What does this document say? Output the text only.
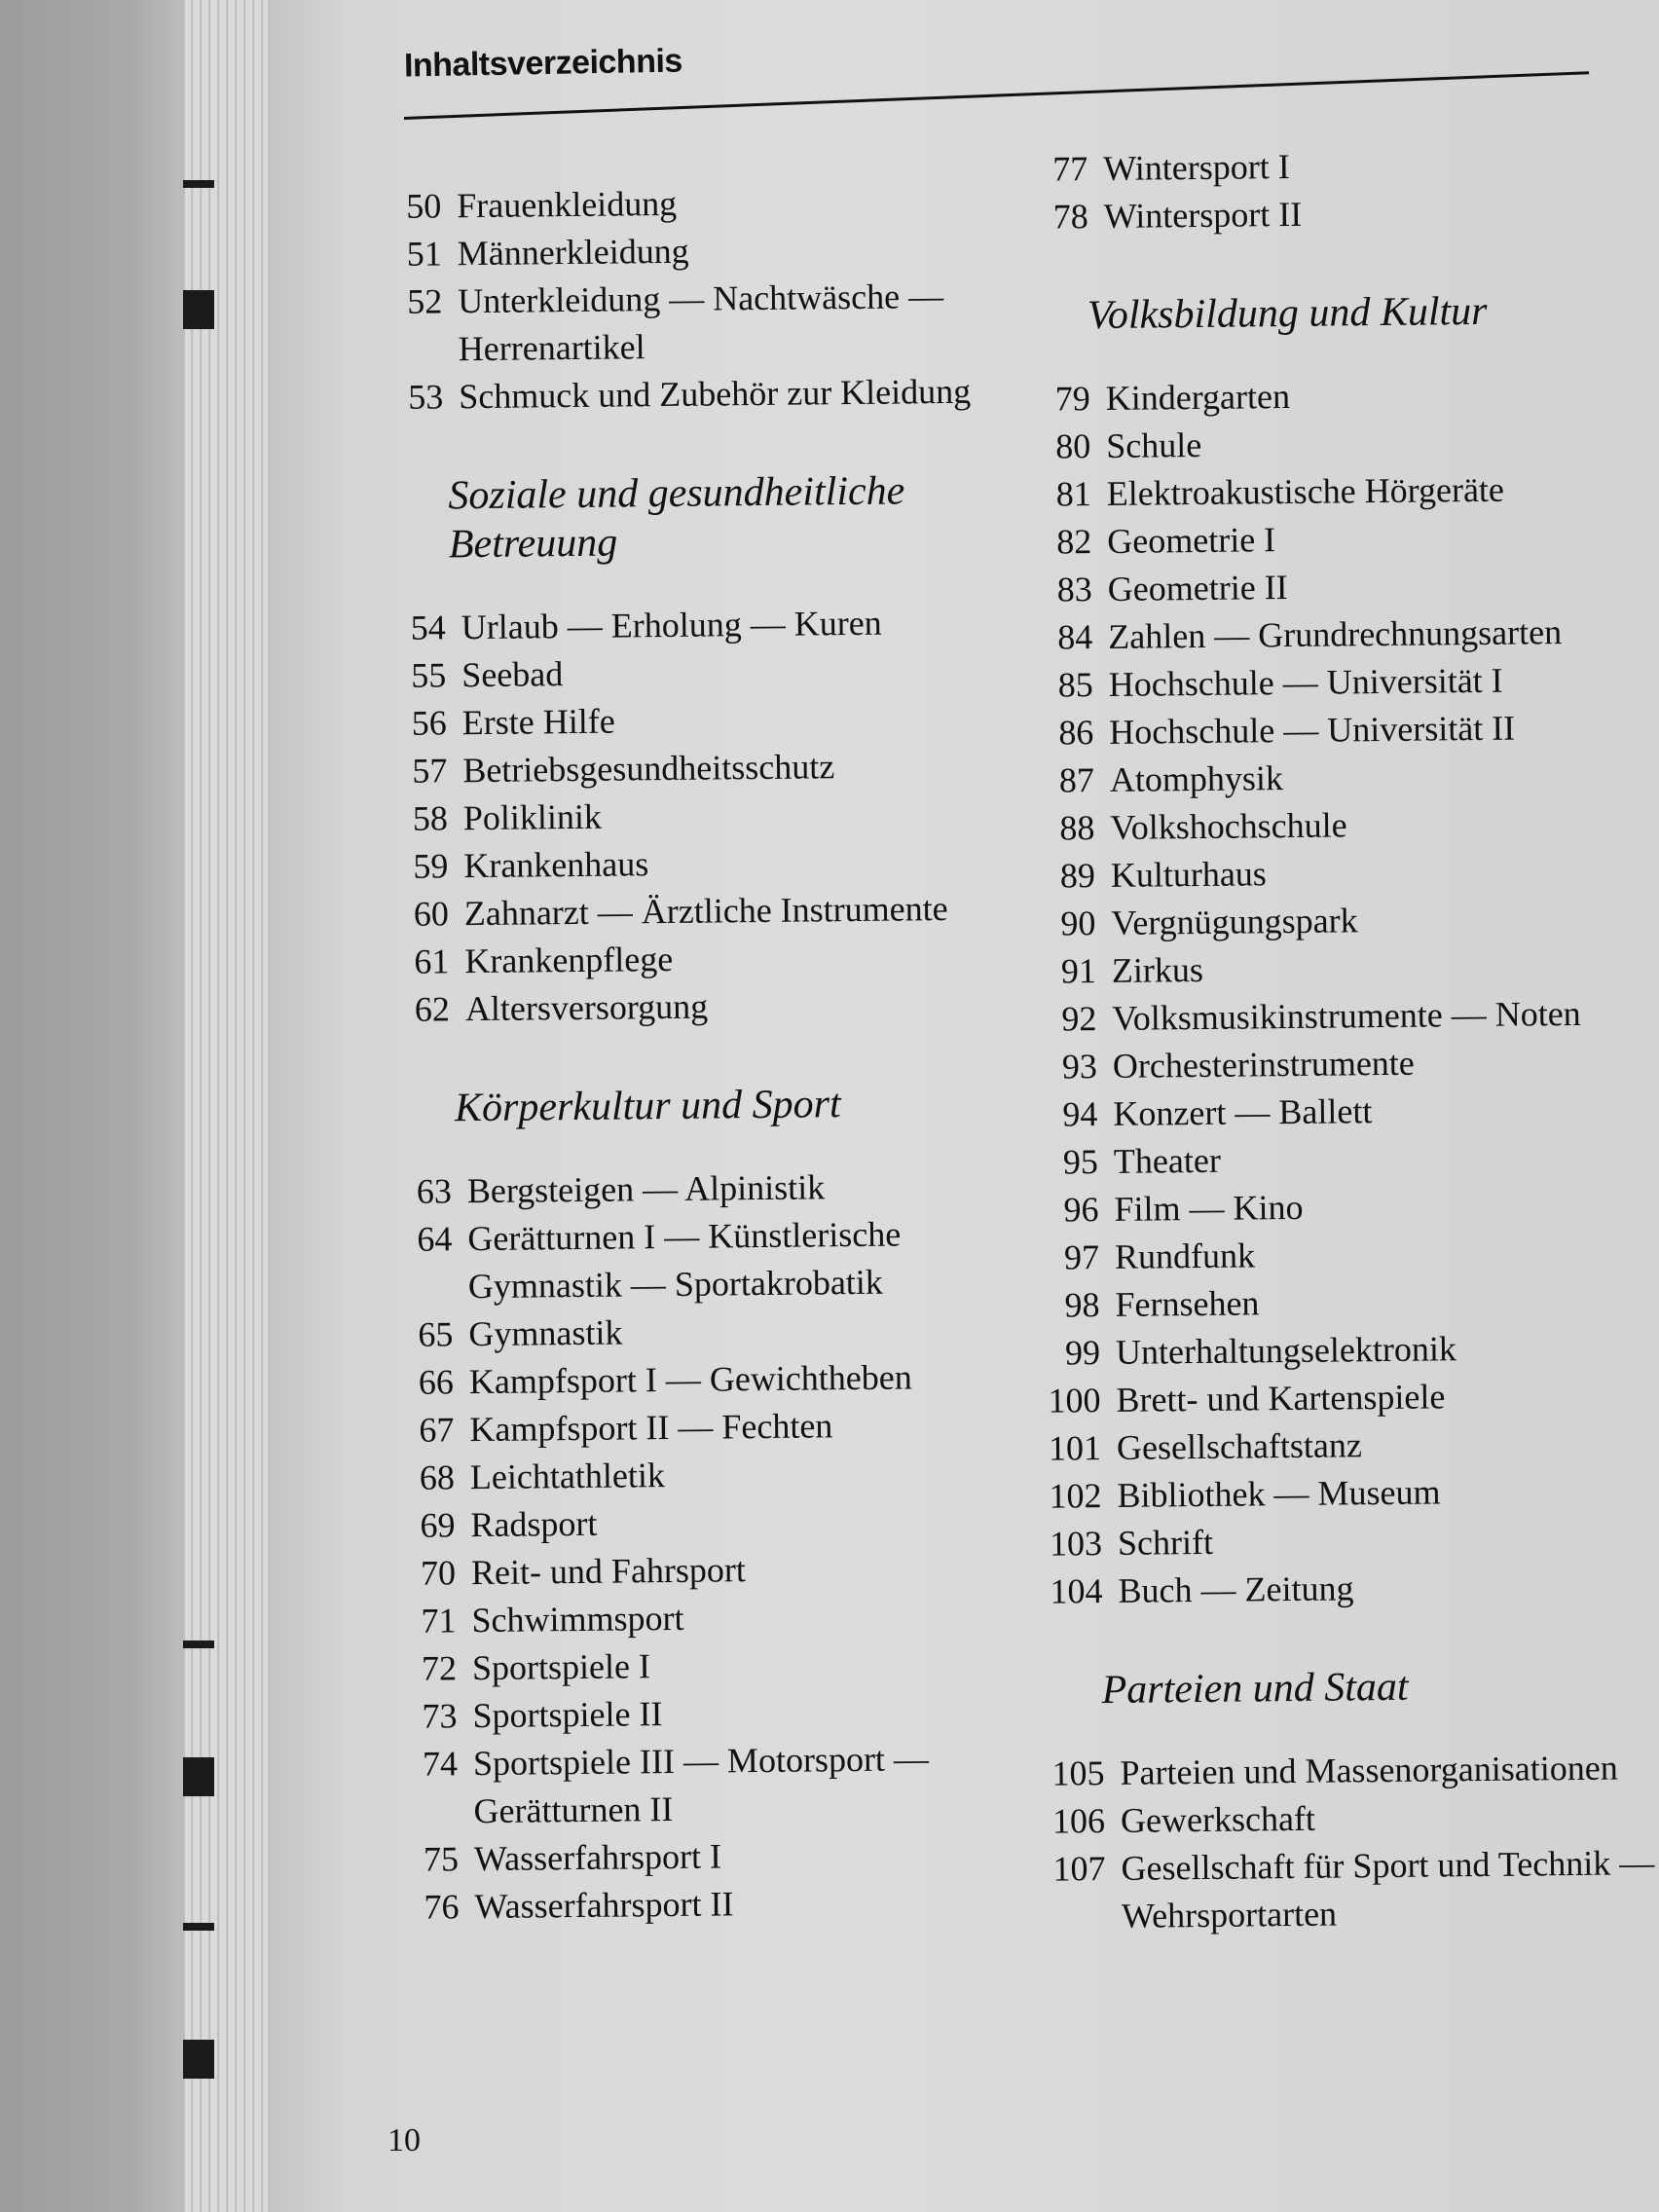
Inhaltsverzeichnis
50 Frauenkleidung
51 Männerkleidung
52 Unterkleidung — Nachtwäsche — Herrenartikel
53 Schmuck und Zubehör zur Kleidung
Soziale und gesundheitliche Betreuung
54 Urlaub — Erholung — Kuren
55 Seebad
56 Erste Hilfe
57 Betriebsgesundheitsschutz
58 Poliklinik
59 Krankenhaus
60 Zahnarzt — Ärztliche Instrumente
61 Krankenpflege
62 Altersversorgung
Körperkultur und Sport
63 Bergsteigen — Alpinistik
64 Gerätturnen I — Künstlerische Gymnastik — Sportakrobatik
65 Gymnastik
66 Kampfsport I — Gewichtheben
67 Kampfsport II — Fechten
68 Leichtathletik
69 Radsport
70 Reit- und Fahrsport
71 Schwimmsport
72 Sportspiele I
73 Sportspiele II
74 Sportspiele III — Motorsport — Gerätturnen II
75 Wasserfahrsport I
76 Wasserfahrsport II
77 Wintersport I
78 Wintersport II
Volksbildung und Kultur
79 Kindergarten
80 Schule
81 Elektroakustische Hörgeräte
82 Geometrie I
83 Geometrie II
84 Zahlen — Grundrechnungsarten
85 Hochschule — Universität I
86 Hochschule — Universität II
87 Atomphysik
88 Volkshochschule
89 Kulturhaus
90 Vergnügungspark
91 Zirkus
92 Volksmusikinstrumente — Noten
93 Orchesterinstrumente
94 Konzert — Ballett
95 Theater
96 Film — Kino
97 Rundfunk
98 Fernsehen
99 Unterhaltungselektronik
100 Brett- und Kartenspiele
101 Gesellschaftstanz
102 Bibliothek — Museum
103 Schrift
104 Buch — Zeitung
Parteien und Staat
105 Parteien und Massenorganisationen
106 Gewerkschaft
107 Gesellschaft für Sport und Technik — Wehrsportarten
10
